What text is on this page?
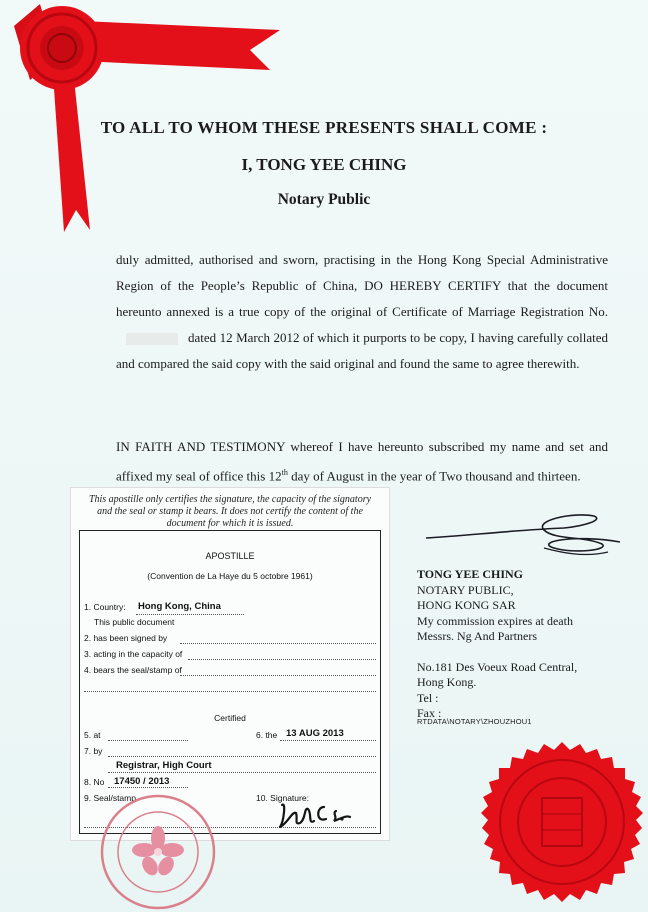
TO ALL TO WHOM THESE PRESENTS SHALL COME :
I, TONG YEE CHING
Notary Public
duly admitted, authorised and sworn, practising in the Hong Kong Special Administrative Region of the People’s Republic of China, DO HEREBY CERTIFY that the document hereunto annexed is a true copy of the original of Certificate of Marriage Registration No.dated 12 March 2012 of which it purports to be copy, I having carefully collated and compared the said copy with the said original and found the same to agree therewith.
IN FAITH AND TESTIMONY whereof I have hereunto subscribed my name and set and affixed my seal of office this 12th day of August in the year of Two thousand and thirteen.
This apostille only certifies the signature, the capacity of the signatory and the seal or stamp it bears. It does not certify the content of the document for which it is issued.
APOSTILLE
(Convention de La Haye du 5 octobre 1961)
1. Country: Hong Kong, China
This public document
2. has been signed by
3. acting in the capacity of
4. bears the seal/stamp of
Certified
5. at	6. the 13 AUG 2013
7. by
Registrar, High Court
8. No 17450 / 2013
9. Seal/stamp	10. Signature:
TONG YEE CHING
NOTARY PUBLIC,
HONG KONG SAR
My commission expires at death
Messrs. Ng And Partners
No.181 Des Voeux Road Central,
Hong Kong.
Tel :
Fax :
RTDATA\NOTARY\ZHOUZHOU1
